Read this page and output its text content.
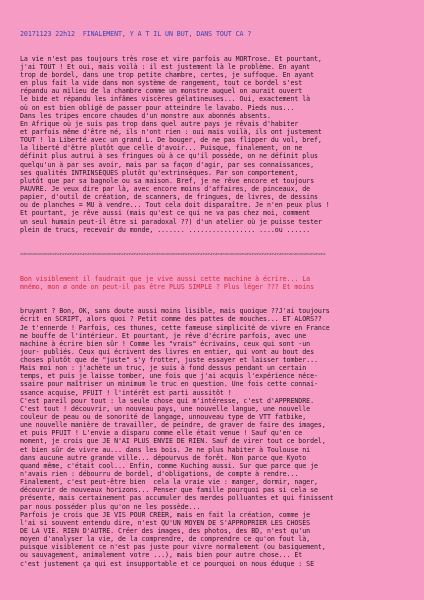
20171123 22h12 FINALEMENT, Y A T IL UN BUT, DANS TOUT CA ?

La vie n'est pas toujours très rose et vire parfois au MORTrose. Et pourtant,
j'ai TOUT ! Et oui, mais voilà : il est justement là le problème. En ayant
trop de bordel, dans une trop petite chambre, certes, je suffoque. En ayant
en plus fait la vide dans mon système de rangement, tout ce bordel s'est
répandu au milieu de la chambre comme un monstre auquel on aurait ouvert
le bide et répandu les infâmes viscères gélatineuses... Oui, exactement là
où on est bien obligé de passer pour atteindre le lavabo. Pieds nus...
Dans les tripes encore chaudes d'un monstre aux abonnés absents.
En Afrique où je suis pas trop dans quel autre pays je rêvais d'habiter
et parfois même d'être né, ils n'ont rien : oui mais voilà, ils ont justement
TOUT ! la Liberté avec un grand L. De bouger, de ne pas flipper du vol, bref,
la liberté d'être plutôt que celle d'avoir... Puisque, finalement, on ne
définit plus autrui à ses fringues où à ce qu'il possède, on ne définit plus
quelqu'un à par ses avoir, mais par sa façon d'agir, par ses connaissances,
ses qualités INTRINSÈQUES plutôt qu'extrinsèques. Par son comportement,
plutôt que par sa bagnole ou sa maison. Bref, je ne rêve encore et toujours
PAUVRE. Je veux dire par là, avec encore moins d'affaires, de pinceaux, de
papier, d'outil de création, de scanners, de fringues, de livres, de dessins
ou de planches = MU à vendre... Tout cela doit disparaître. Je n'en peux plus !
Et pourtant, je rêve aussi (mais qu'est ce qui ne va pas chez moi, comment
un seul humain peut-il être si paradoxal ??) d'un atelier où je puisse tester
plein de trucs, recevoir du monde, ....... ................. ....ou ......

∾∾∾∾∾∾∾∾∾∾∾∾∾∾∾∾∾∾∾∾∾∾∾∾∾∾∾∾∾∾∾∾∾∾∾∾∾∾∾∾∾∾∾∾∾∾∾∾∾∾∾∾∾∾∾∾∾∾∾∾∾∾

Bon visiblement il faudrait que je vive aussi cette machine à écrire... La
mnémo, mon ø onde on peut-il pas être PLUS SIMPLE ? Plus léger ??? Et moins

bruyant ? Bon, OK, sans doute aussi moins lisible, mais quoique ??J'ai toujours
écrit en SCRIPT, alors quoi ? Petit comme des pattes de mouches... ET ALORS??
Je t'ennerde ! Parfois, ces thunes, cette fameuse simplicité de vivre en France
me bouffe de l'intérieur. Et pourtant, je rêve d'écrire parfois, avec une
machine à écrire bien sûr ! Comme les "vrais" écrivains, ceux qui sont -un
jour- publiés. Ceux qui écrivent des livres en entier, qui vont au bout des
choses plutôt que de "juste" s'y frotter, juste essayer et laisser tomber...
Mais moi non : j'achète un truc, je suis à fond dessus pendant un certain
temps, et puis je laisse tomber, une fois que j'ai acquis l'expérience néce-
ssaire pour maîtriser un minimum le truc en question. Une fois cette connai-
ssance acquise, PFUIT ! l'intérêt est parti aussitôt !
C'est pareil pour tout : la seule chose qui m'intéresse, c'est d'APPRENDRE.
C'est tout ! découvrir, un nouveau pays, une nouvelle langue, une nouvelle
couleur de peau ou de sonorité de langage, unnouveau type de VTT fatbike,
une nouvelle manière de travailler, de peindre, de graver de faire des images,
et puis PFUIT ! L'envie a disparu comme elle était venue ! Sauf qu'en ce
moment, je crois que JE N'AI PLUS ENVIE DE RIEN. Sauf de virer tout ce bordel,
et bien sûr de vivre au... dans les bois. Je ne plus habiter à Toulouse ni
dans aucune autre grande ville... dépourvus de forêt. Non parce que Kyoto
quand même, c'était cool... Enfin, comme Kuching aussi. Sur que parce que je
n'avais rien : débourru de bordel, d'obligations, de compte à rendre...
Finalement, c'est peut-être bien  cela la vraie vie : manger, dormir, nager,
découvrir de nouveaux horizons... Penser que famille pourquoi pas si cela se
présente, mais certainement pas accumuler des merdes polluantes et qui finissent
par nous posséder plus qu'on ne les possède...
Parfois je crois que JE VIS POUR CRÉER, mais en fait la création, comme je
l'ai si souvent entendu dire, n'est QU'UN MOYEN DE S'APPROPRIER LES CHOSES
DE LA VIE. RIEN D'AUTRE. Créer des images, des photos, des BD, n'est qu'un
moyen d'analyser la vie, de la comprendre, de comprendre ce qu'on fout là,
puisque visiblement ce n'est pas juste pour vivre normalement (ou basiquement,
ou sauvagement, animalement votre ...), mais bien pour autre chose... Et
c'est justement ça qui est insupportable et ce pourquoi on nous éduque : SE
